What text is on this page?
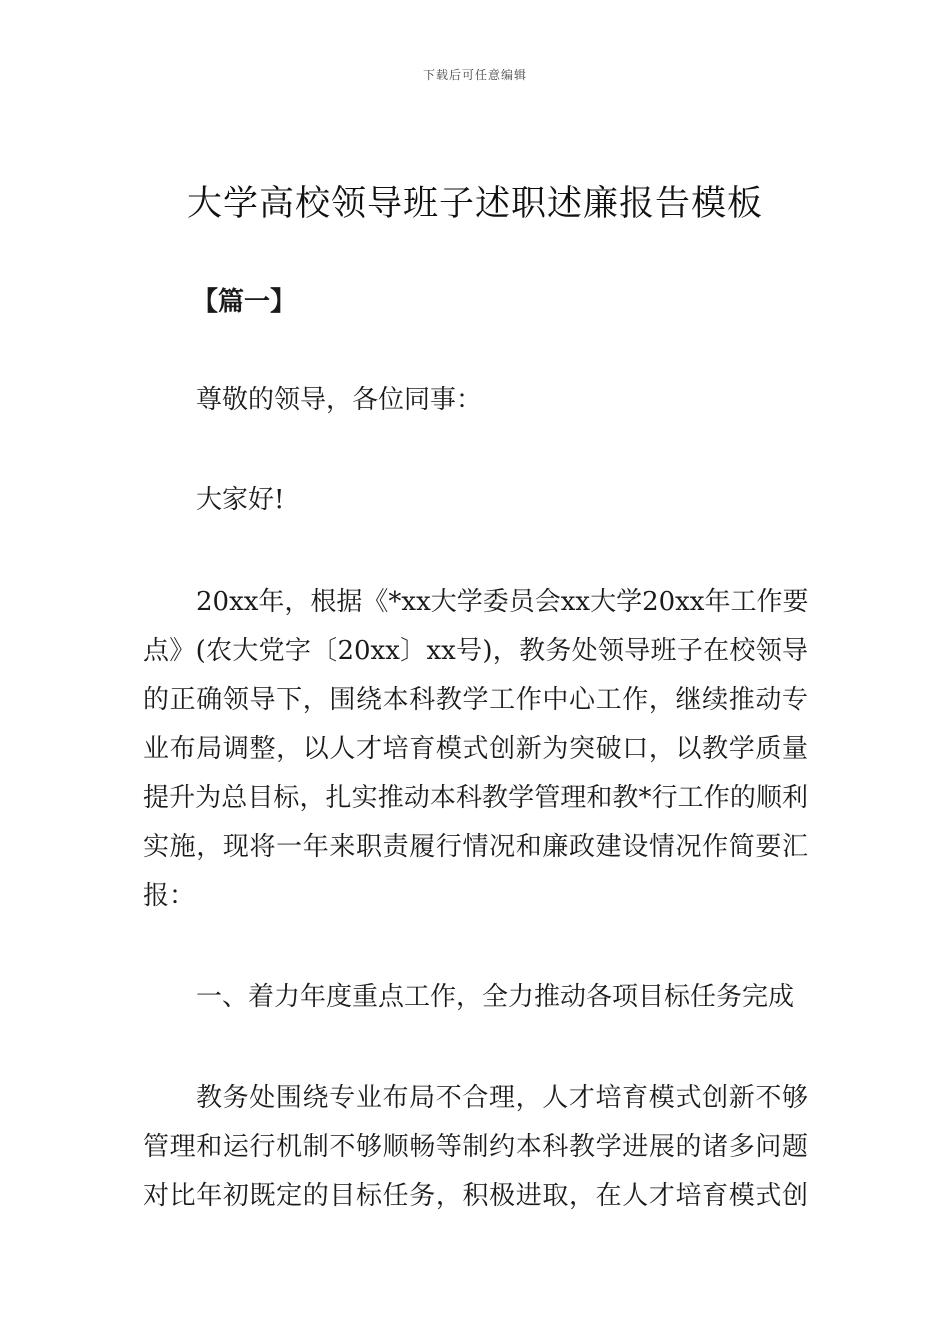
下载后可任意编辑
大学高校领导班子述职述廉报告模板
【篇一】
尊敬的领导，各位同事：
大家好!
20xx年，根据《*xx大学委员会xx大学20xx年工作要
点》(农大党字〔20xx〕xx号)，教务处领导班子在校领导
的正确领导下，围绕本科教学工作中心工作，继续推动专
业布局调整，以人才培育模式创新为突破口，以教学质量
提升为总目标，扎实推动本科教学管理和教*行工作的顺利
实施，现将一年来职责履行情况和廉政建设情况作简要汇
报：
一、着力年度重点工作，全力推动各项目标任务完成
教务处围绕专业布局不合理，人才培育模式创新不够
管理和运行机制不够顺畅等制约本科教学进展的诸多问题
对比年初既定的目标任务，积极进取，在人才培育模式创
